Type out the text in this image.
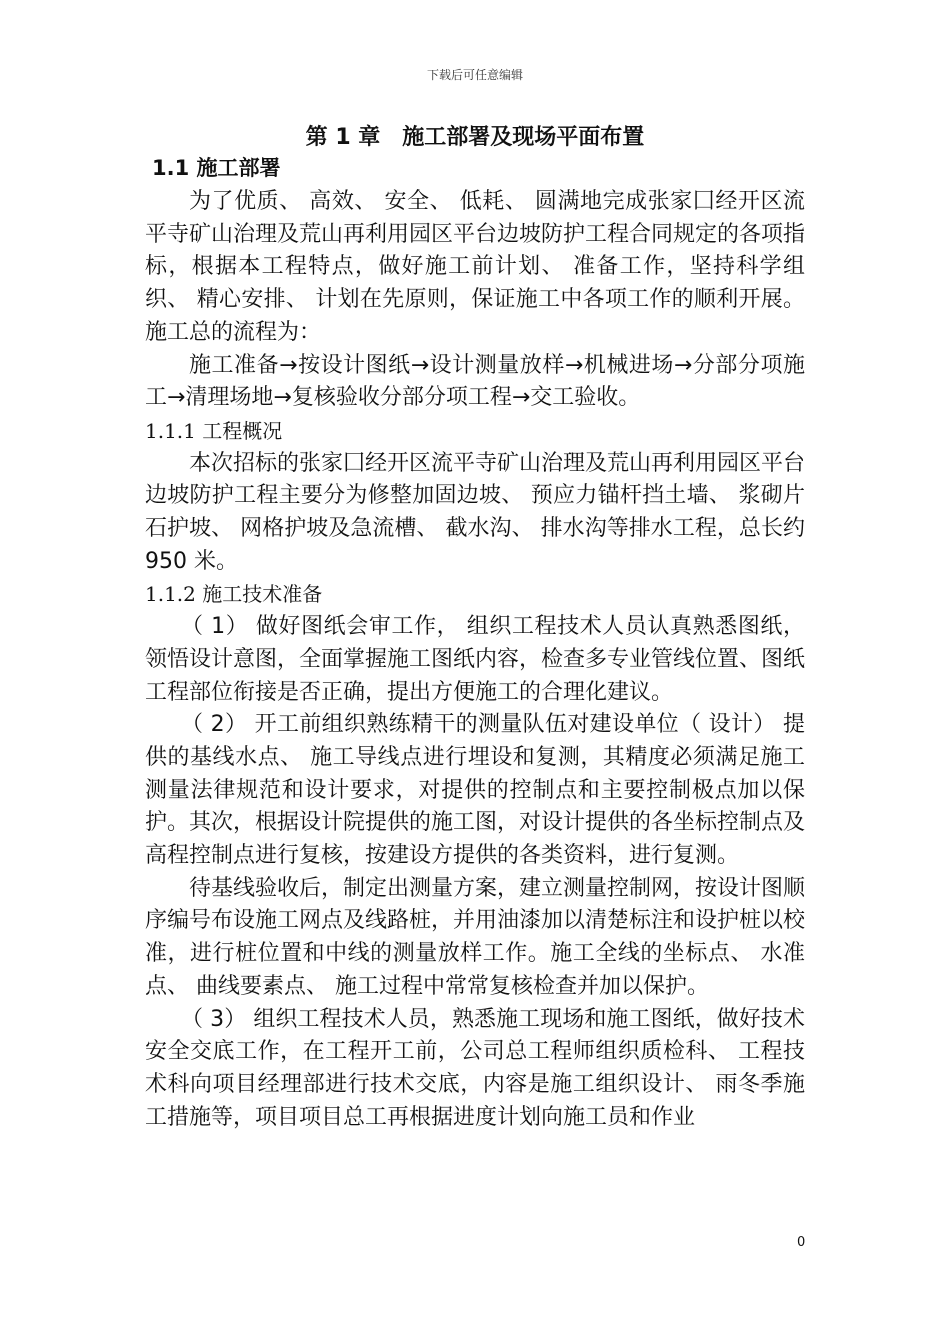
下载后可任意编辑
第 1 章　施工部署及现场平面布置
1.1 施工部署

为了优质、 高效、 安全、 低耗、 圆满地完成张家囗经开区流平寺矿山治理及荒山再利用园区平台边坡防护工程合同规定的各项指标，根据本工程特点，做好施工前计划、 准备工作，坚持科学组织、 精心安排、 计划在先原则，保证施工中各项工作的顺利开展。施工总的流程为：

施工准备→按设计图纸→设计测量放样→机械进场→分部分项施工→清理场地→复核验收分部分项工程→交工验收。

1.1.1 工程概况

本次招标的张家囗经开区流平寺矿山治理及荒山再利用园区平台边坡防护工程主要分为修整加固边坡、 预应力锚杆挡土墙、 浆砌片石护坡、 网格护坡及急流槽、 截水沟、 排水沟等排水工程，总长约 950 米。

1.1.2 施工技术准备

（ 1） 做好图纸会审工作， 组织工程技术人员认真熟悉图纸，领悟设计意图，全面掌握施工图纸内容，检查多专业管线位置、图纸工程部位衔接是否正确，提出方便施工的合理化建议。

（ 2） 开工前组织熟练精干的测量队伍对建设单位（ 设计） 提供的基线水点、 施工导线点进行埋设和复测，其精度必须满足施工测量法律规范和设计要求，对提供的控制点和主要控制极点加以保护。其次，根据设计院提供的施工图，对设计提供的各坐标控制点及高程控制点进行复核，按建设方提供的各类资料，进行复测。

待基线验收后，制定出测量方案，建立测量控制网，按设计图顺序编号布设施工网点及线路桩，并用油漆加以清楚标注和设护桩以校准，进行桩位置和中线的测量放样工作。施工全线的坐标点、 水准点、 曲线要素点、 施工过程中常常复核检查并加以保护。

（ 3） 组织工程技术人员，熟悉施工现场和施工图纸，做好技术安全交底工作，在工程开工前，公司总工程师组织质检科、 工程技术科向项目经理部进行技术交底，内容是施工组织设计、 雨冬季施工措施等，项目项目总工再根据进度计划向施工员和作业

0
